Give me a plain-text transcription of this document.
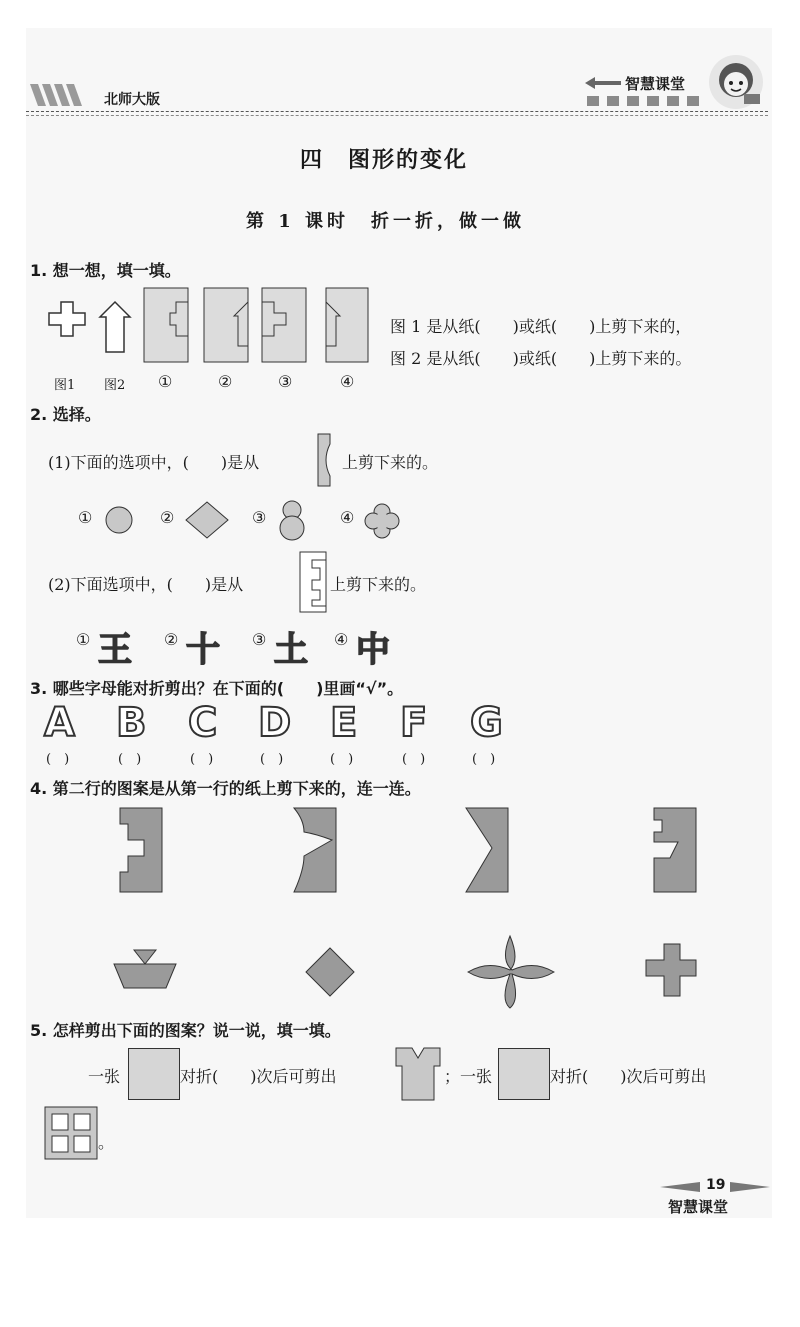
北师大版
智慧课堂
四　图形的变化
第 1 课时　折一折，做一做
1. 想一想，填一填。
图1 图2 ①	②	③	④
图 1 是从纸(　　)或纸(　　)上剪下来的，
图 2 是从纸(　　)或纸(　　)上剪下来的。
2. 选择。
(1)下面的选项中，(　　)是从	上剪下来的。
①	②	③	④
(2)下面选项中，(　　)是从	上剪下来的。
① 王 ② 十 ③ 土 ④ 中
3. 哪些字母能对折剪出？在下面的(　　)里画“√”。
A B C D E F G
(　)	(　)	(　)	(　)	(　)	(　)	(　)
4. 第二行的图案是从第一行的纸上剪下来的，连一连。
5. 怎样剪出下面的图案？说一说，填一填。
一张	对折(　　)次后可剪出	；一张	对折(　　)次后可剪出
。
19
智慧课堂
